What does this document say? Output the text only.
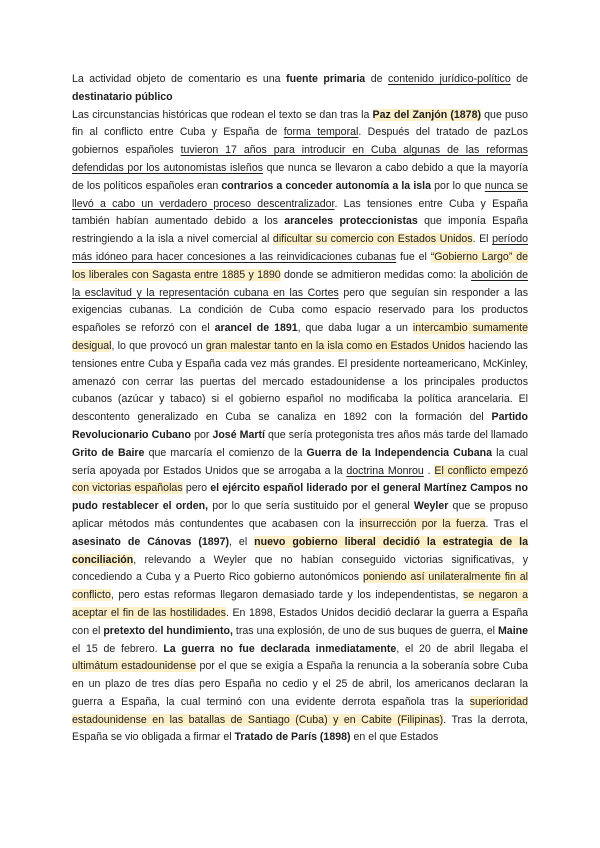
La actividad objeto de comentario es una fuente primaria de contenido jurídico-político de destinatario público

Las circunstancias históricas que rodean el texto se dan tras la Paz del Zanjón (1878) que puso fin al conflicto entre Cuba y España de forma temporal. Después del tratado de pazLos gobiernos españoles tuvieron 17 años para introducir en Cuba algunas de las reformas defendidas por los autonomistas isleños que nunca se llevaron a cabo debido a que la mayoría de los políticos españoles eran contrarios a conceder autonomía a la isla por lo que nunca se llevó a cabo un verdadero proceso descentralizador. Las tensiones entre Cuba y España también habían aumentado debido a los aranceles proteccionistas que imponía España restringiendo a la isla a nivel comercial al dificultar su comercio con Estados Unidos. El período más idóneo para hacer concesiones a las reinvidicaciones cubanas fue el “Gobierno Largo” de los liberales con Sagasta entre 1885 y 1890 donde se admitieron medidas como: la abolición de la esclavitud y la representación cubana en las Cortes pero que seguían sin responder a las exigencias cubanas. La condición de Cuba como espacio reservado para los productos españoles se reforzó con el arancel de 1891, que daba lugar a un intercambio sumamente desigual, lo que provocó un gran malestar tanto en la isla como en Estados Unidos haciendo las tensiones entre Cuba y España cada vez más grandes. El presidente norteamericano, McKinley, amenazó con cerrar las puertas del mercado estadounidense a los principales productos cubanos (azúcar y tabaco) si el gobierno español no modificaba la política arancelaria. El descontento generalizado en Cuba se canaliza en 1892 con la formación del Partido Revolucionario Cubano por José Martí que sería protegonista tres años más tarde del llamado Grito de Baire que marcaría el comienzo de la Guerra de la Independencia Cubana la cual sería apoyada por Estados Unidos que se arrogaba a la doctrina Monrou . El conflicto empezó con victorias españolas pero el ejército español liderado por el general Martínez Campos no pudo restablecer el orden, por lo que sería sustituido por el general Weyler que se propuso aplicar métodos más contundentes que acabasen con la insurrección por la fuerza. Tras el asesinato de Cánovas (1897), el nuevo gobierno liberal decidió la estrategia de la conciliación, relevando a Weyler que no habían conseguido victorias significativas, y concediendo a Cuba y a Puerto Rico gobierno autonómicos poniendo así unilateralmente fin al conflicto, pero estas reformas llegaron demasiado tarde y los independentistas, se negaron a aceptar el fin de las hostilidades. En 1898, Estados Unidos decidió declarar la guerra a España con el pretexto del hundimiento, tras una explosión, de uno de sus buques de guerra, el Maine el 15 de febrero. La guerra no fue declarada inmediatamente, el 20 de abril llegaba el ultimátum estadounidense por el que se exigía a España la renuncia a la soberanía sobre Cuba en un plazo de tres días pero España no cedio y el 25 de abril, los americanos declaran la guerra a España, la cual terminó con una evidente derrota española tras la superioridad estadounidense en las batallas de Santiago (Cuba) y en Cabite (Filipinas). Tras la derrota, España se vio obligada a firmar el Tratado de París (1898) en el que Estados
